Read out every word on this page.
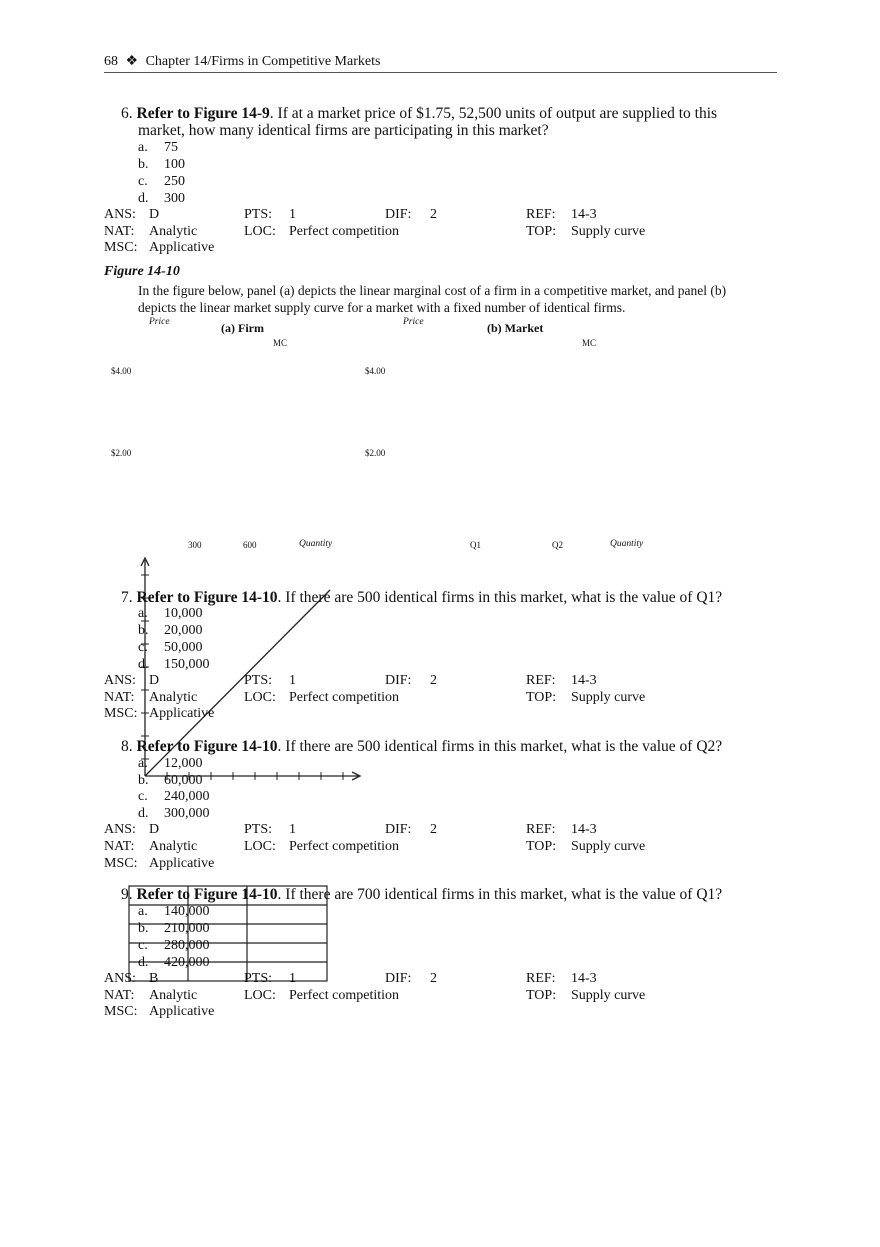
68 ❖ Chapter 14/Firms in Competitive Markets
6. Refer to Figure 14-9. If at a market price of $1.75, 52,500 units of output are supplied to this
market, how many identical firms are participating in this market?
a. 75
b. 100
c. 250
d. 300
ANS: D	PTS: 1	DIF: 2	REF: 14-3
NAT: Analytic	LOC: Perfect competition	TOP: Supply curve
MSC: Applicative
Figure 14-10
In the figure below, panel (a) depicts the linear marginal cost of a firm in a competitive market, and panel (b)
depicts the linear market supply curve for a market with a fixed number of identical firms.
Price	(a) Firm
MC
$4.00
$2.00
300	600	Quantity
Price	(b) Market
MC
$4.00
$2.00
Q1	Q2	Quantity
7. Refer to Figure 14-10. If there are 500 identical firms in this market, what is the value of Q1?
a. 10,000
b. 20,000
c. 50,000
d. 150,000
ANS: D	PTS: 1	DIF: 2	REF: 14-3
NAT: Analytic	LOC: Perfect competition	TOP: Supply curve
MSC: Applicative
8. Refer to Figure 14-10. If there are 500 identical firms in this market, what is the value of Q2?
a. 12,000
b. 60,000
c. 240,000
d. 300,000
ANS: D	PTS: 1	DIF: 2	REF: 14-3
NAT: Analytic	LOC: Perfect competition	TOP: Supply curve
MSC: Applicative
9. Refer to Figure 14-10. If there are 700 identical firms in this market, what is the value of Q1?
a. 140,000
b. 210,000
c. 280,000
d. 420,000
ANS: B	PTS: 1	DIF: 2	REF: 14-3
NAT: Analytic	LOC: Perfect competition	TOP: Supply curve
MSC: Applicative
